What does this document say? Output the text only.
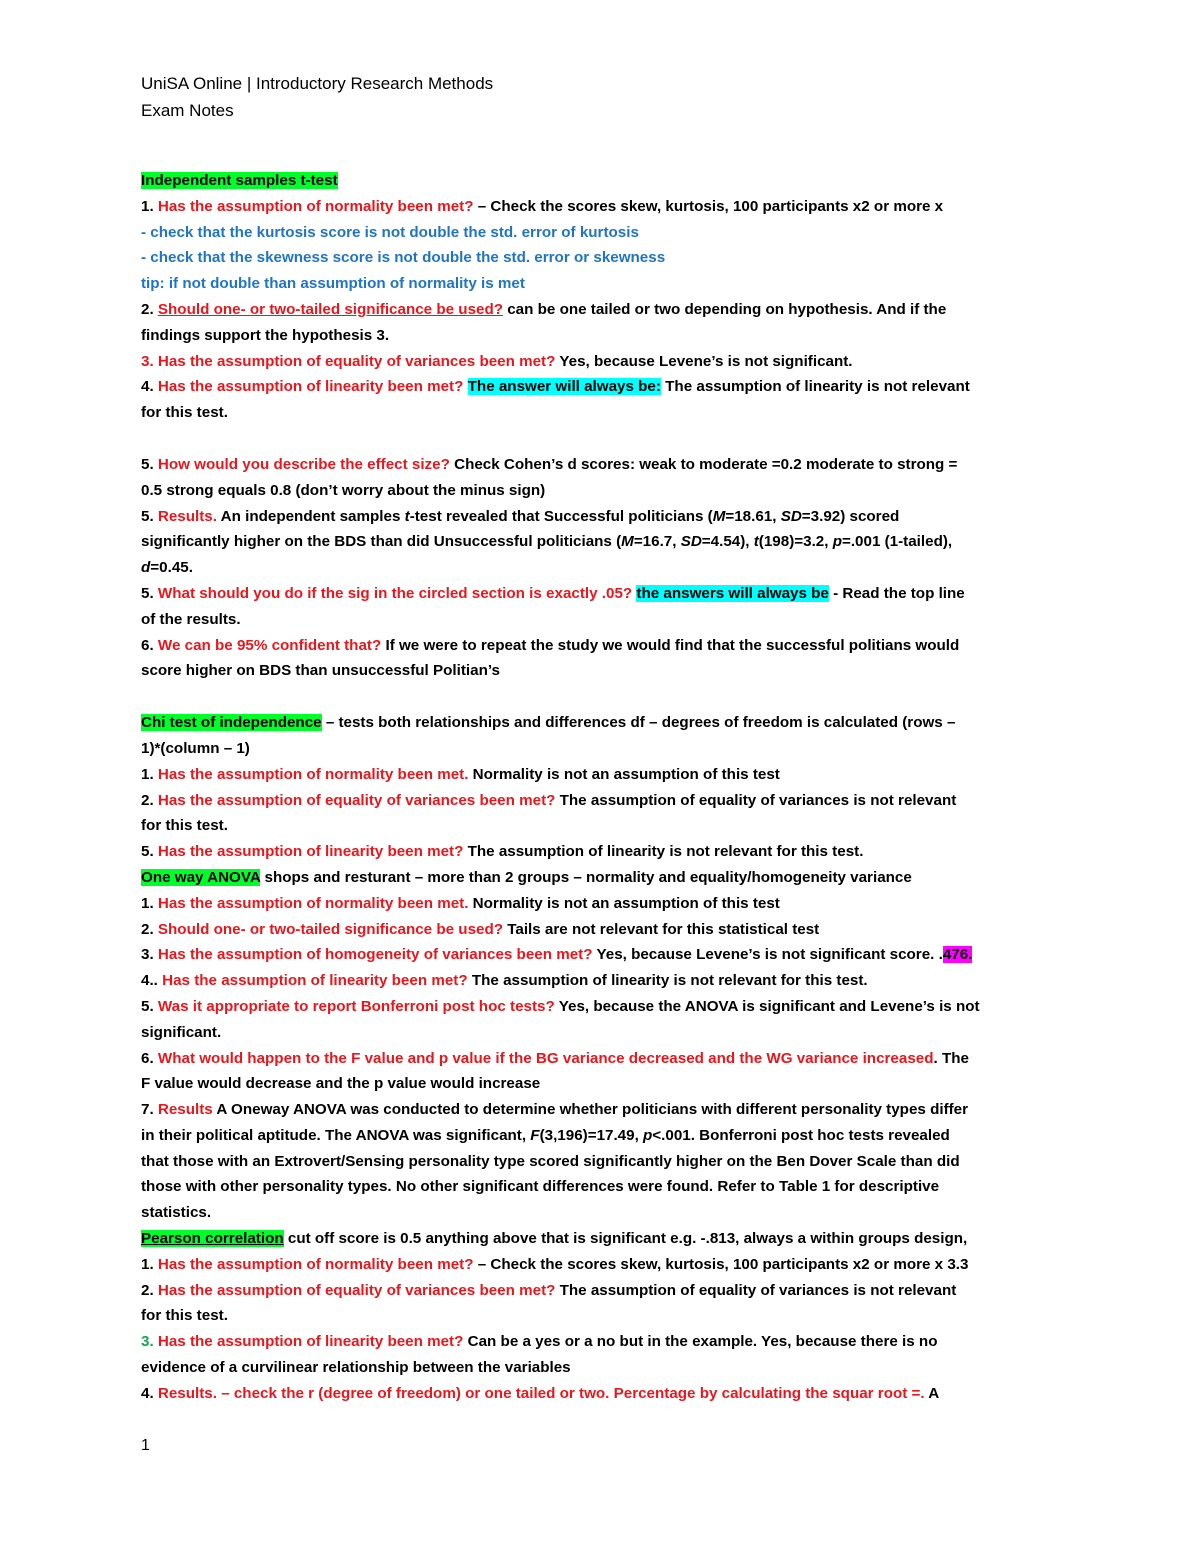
UniSA Online | Introductory Research Methods
Exam Notes
Independent samples t-test
1. Has the assumption of normality been met? – Check the scores skew, kurtosis, 100 participants x2 or more x
- check that the kurtosis score is not double the std. error of kurtosis
- check that the skewness score is not double the std. error or skewness
tip: if not double than assumption of normality is met
2. Should one- or two-tailed significance be used? can be one tailed or two depending on hypothesis. And if the
findings support the hypothesis 3.
3. Has the assumption of equality of variances been met? Yes, because Levene’s is not significant.
4. Has the assumption of linearity been met? The answer will always be: The assumption of linearity is not relevant
for this test.
5. How would you describe the effect size? Check Cohen’s d scores: weak to moderate =0.2 moderate to strong =
0.5 strong equals 0.8 (don’t worry about the minus sign)
5. Results. An independent samples t-test revealed that Successful politicians (M=18.61, SD=3.92) scored
significantly higher on the BDS than did Unsuccessful politicians (M=16.7, SD=4.54), t(198)=3.2, p=.001 (1-tailed),
d=0.45.
5. What should you do if the sig in the circled section is exactly .05? the answers will always be - Read the top line
of the results.
6. We can be 95% confident that? If we were to repeat the study we would find that the successful politians would
score higher on BDS than unsuccessful Politian’s
Chi test of independence – tests both relationships and differences df – degrees of freedom is calculated (rows –
1)*(column – 1)
1. Has the assumption of normality been met. Normality is not an assumption of this test
2. Has the assumption of equality of variances been met? The assumption of equality of variances is not relevant
for this test.
5. Has the assumption of linearity been met? The assumption of linearity is not relevant for this test.
One way ANOVA shops and resturant – more than 2 groups – normality and equality/homogeneity variance
1. Has the assumption of normality been met. Normality is not an assumption of this test
2. Should one- or two-tailed significance be used? Tails are not relevant for this statistical test
3. Has the assumption of homogeneity of variances been met? Yes, because Levene’s is not significant score. .476.
4.. Has the assumption of linearity been met? The assumption of linearity is not relevant for this test.
5. Was it appropriate to report Bonferroni post hoc tests? Yes, because the ANOVA is significant and Levene’s is not
significant.
6. What would happen to the F value and p value if the BG variance decreased and the WG variance increased. The
F value would decrease and the p value would increase
7. Results A Oneway ANOVA was conducted to determine whether politicians with different personality types differ
in their political aptitude. The ANOVA was significant, F(3,196)=17.49, p<.001. Bonferroni post hoc tests revealed
that those with an Extrovert/Sensing personality type scored significantly higher on the Ben Dover Scale than did
those with other personality types. No other significant differences were found. Refer to Table 1 for descriptive
statistics.
Pearson correlation cut off score is 0.5 anything above that is significant e.g. -.813, always a within groups design,
1. Has the assumption of normality been met? – Check the scores skew, kurtosis, 100 participants x2 or more x 3.3
2. Has the assumption of equality of variances been met? The assumption of equality of variances is not relevant
for this test.
3. Has the assumption of linearity been met? Can be a yes or a no but in the example. Yes, because there is no
evidence of a curvilinear relationship between the variables
4. Results. – check the r (degree of freedom) or one tailed or two. Percentage by calculating the squar root =. A
1
